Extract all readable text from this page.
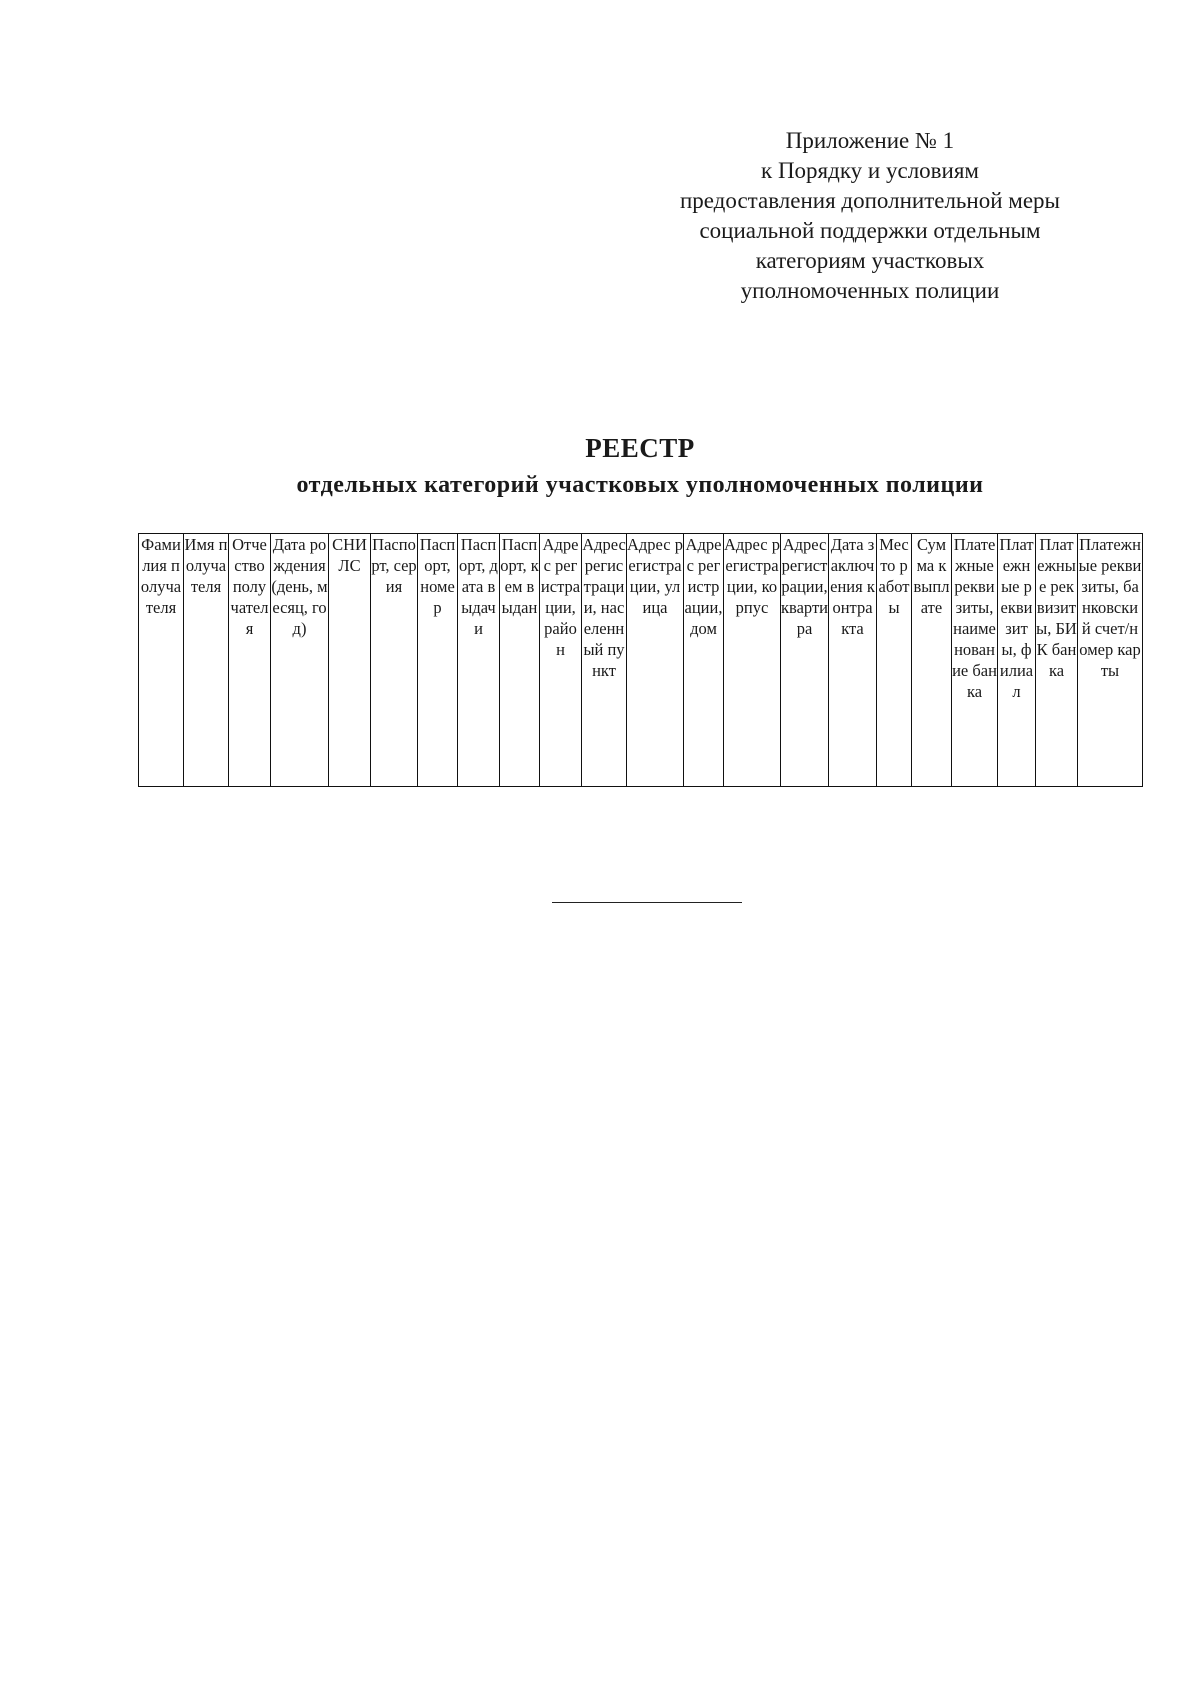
Приложение № 1
к Порядку и условиям
предоставления дополнительной меры
социальной поддержки отдельным
категориям участковых
уполномоченных полиции
РЕЕСТР
отдельных категорий участковых уполномоченных полиции
Фамилия получателя	Имя получателя	Отчество получателя	Дата рождения (день, месяц, год)	СНИЛС	Паспорт, серия	Паспорт, номер	Паспорт, дата выдачи	Паспорт, кем выдан	Адрес регистрации, район	Адрес регистрации, населенный пункт	Адрес регистрации, улица	Адрес регистрации, дом	Адрес регистрации, корпус	Адрес регистрации, квартира	Дата заключения контракта	Место работы	Сумма к выплате	Платежные реквизиты, наименование банка	Платежные реквизиты, филиал	Платежные реквизиты, БИК банка	Платежные реквизиты, банковский счет/номер карты
